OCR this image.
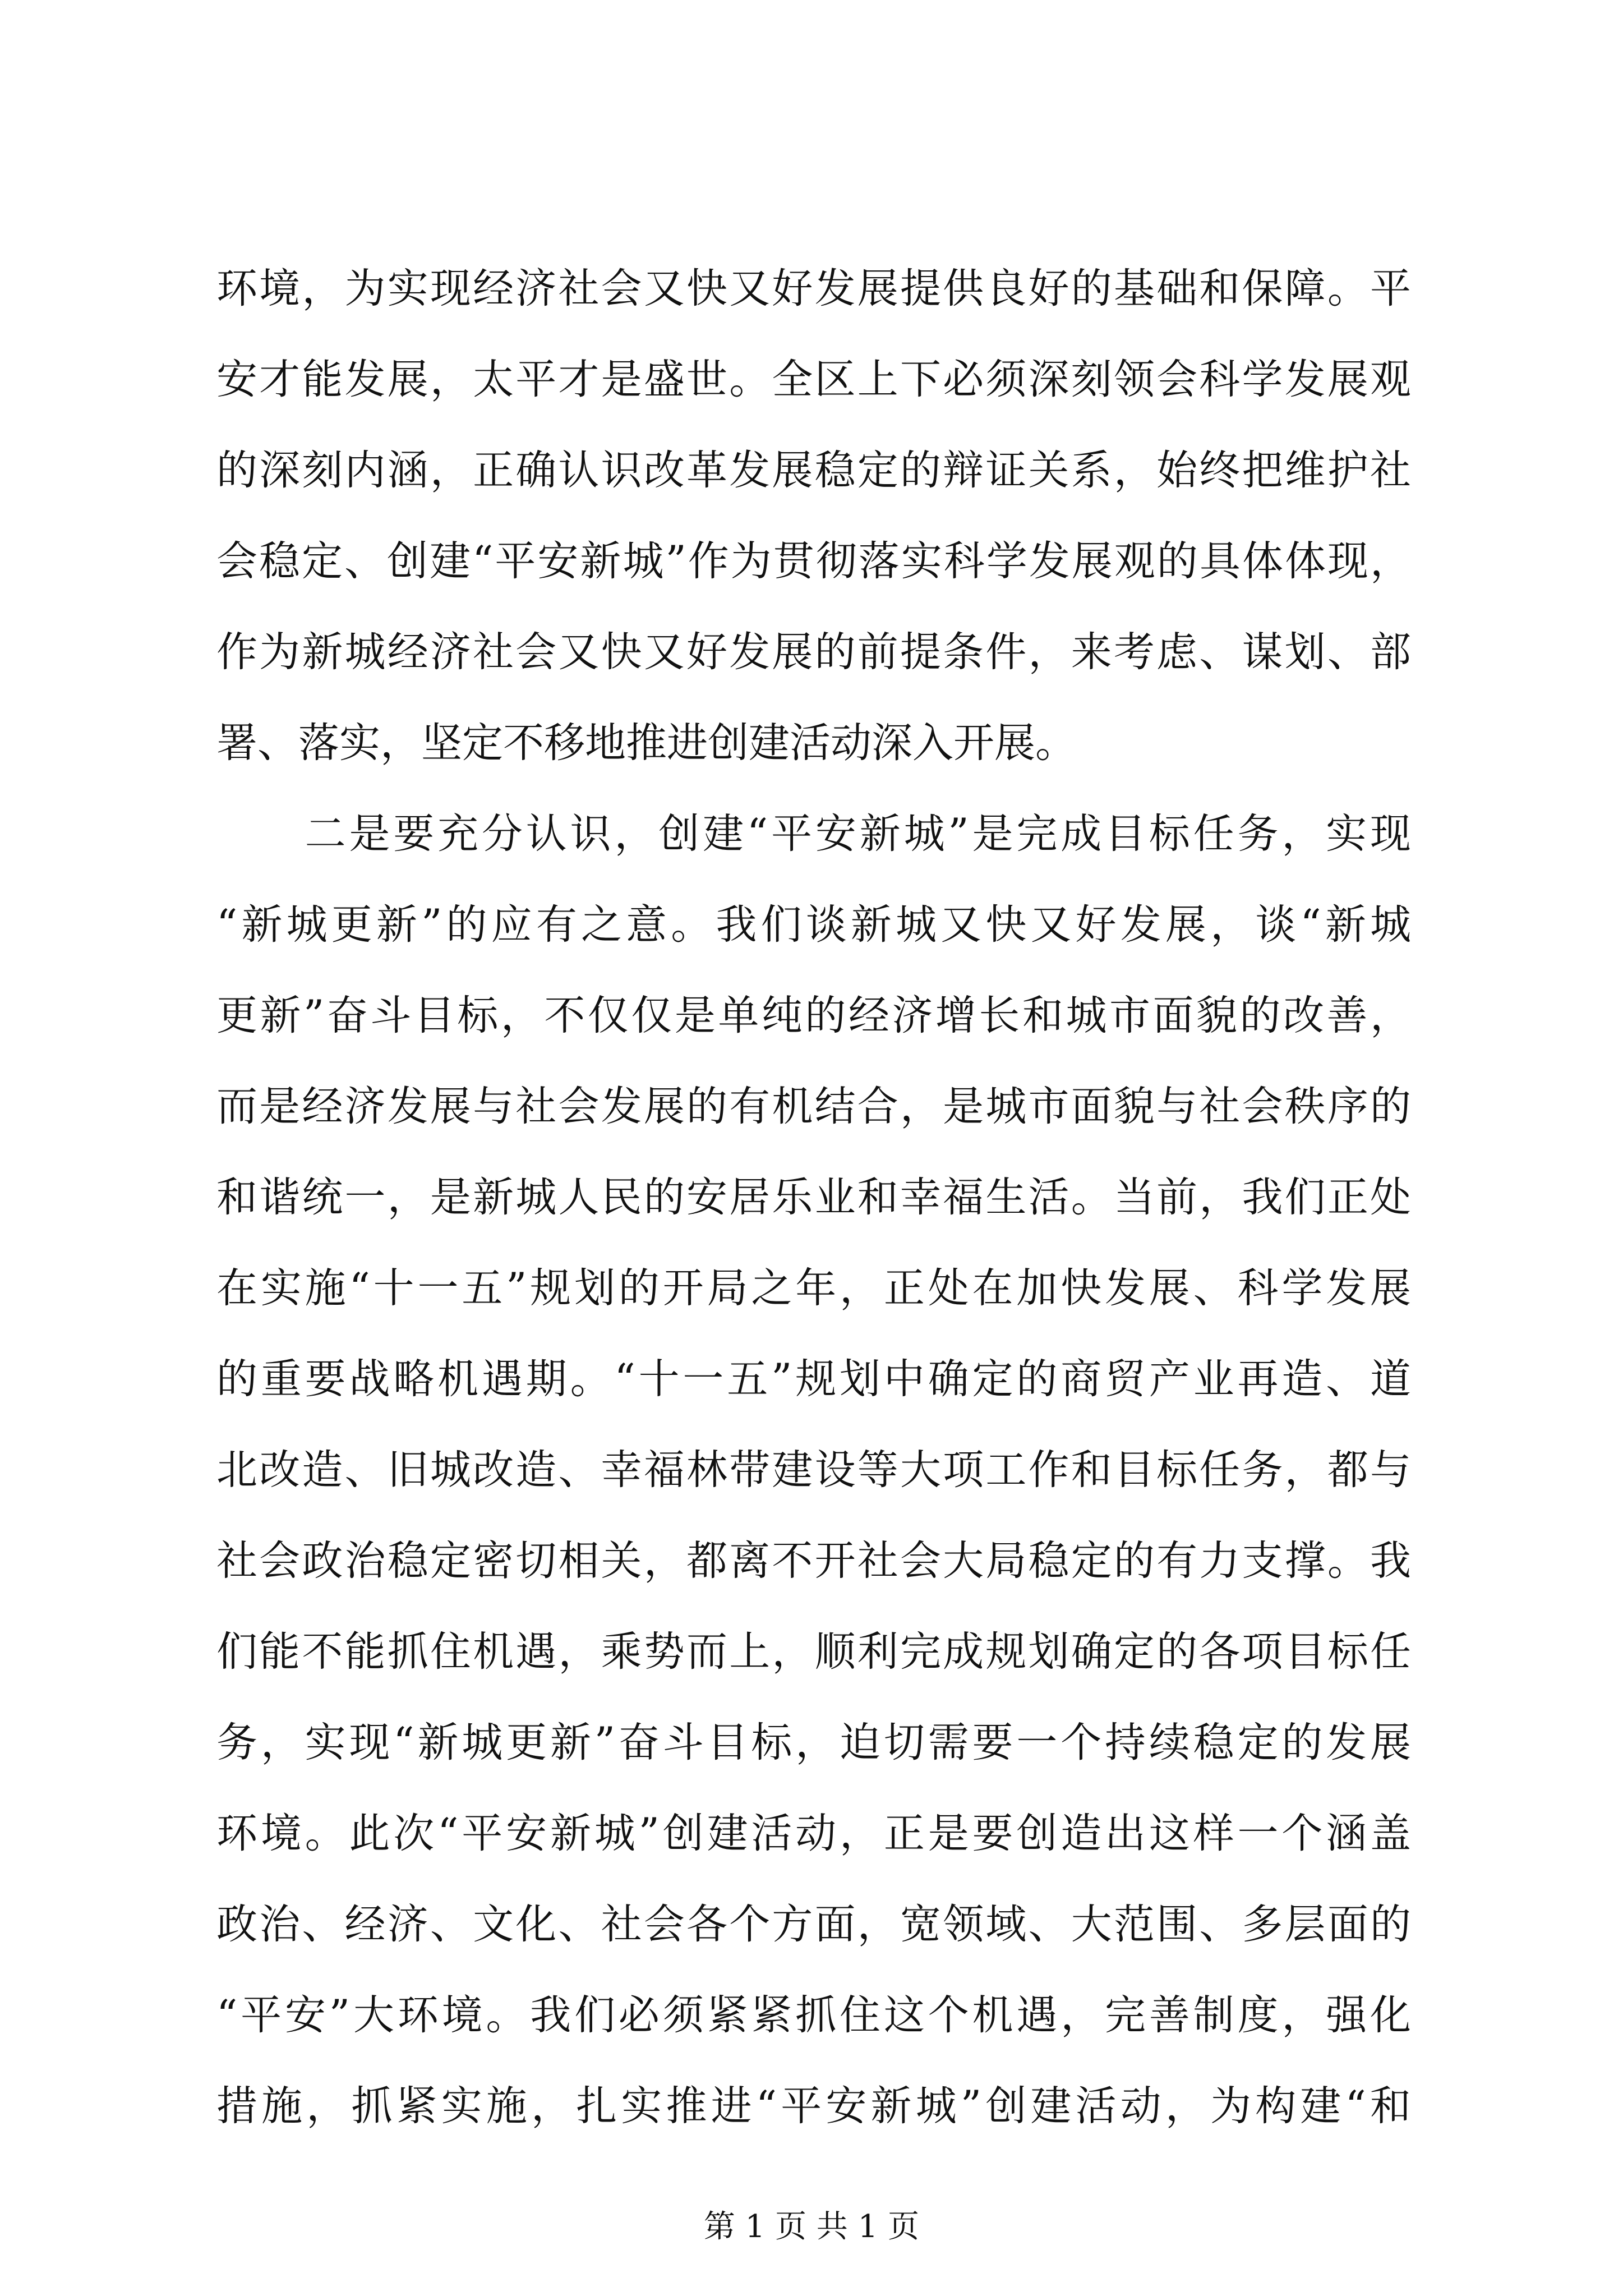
环境，为实现经济社会又快又好发展提供良好的基础和保障。平
安才能发展，太平才是盛世。全区上下必须深刻领会科学发展观
的深刻内涵，正确认识改革发展稳定的辩证关系，始终把维护社
会稳定、创建“平安新城”作为贯彻落实科学发展观的具体体现，
作为新城经济社会又快又好发展的前提条件，来考虑、谋划、部
署、落实，坚定不移地推进创建活动深入开展。
　　二是要充分认识，创建“平安新城”是完成目标任务，实现
“新城更新”的应有之意。我们谈新城又快又好发展，谈“新城
更新”奋斗目标，不仅仅是单纯的经济增长和城市面貌的改善，
而是经济发展与社会发展的有机结合，是城市面貌与社会秩序的
和谐统一，是新城人民的安居乐业和幸福生活。当前，我们正处
在实施“十一五”规划的开局之年，正处在加快发展、科学发展
的重要战略机遇期。“十一五”规划中确定的商贸产业再造、道
北改造、旧城改造、幸福林带建设等大项工作和目标任务，都与
社会政治稳定密切相关，都离不开社会大局稳定的有力支撑。我
们能不能抓住机遇，乘势而上，顺利完成规划确定的各项目标任
务，实现“新城更新”奋斗目标，迫切需要一个持续稳定的发展
环境。此次“平安新城”创建活动，正是要创造出这样一个涵盖
政治、经济、文化、社会各个方面，宽领域、大范围、多层面的
“平安”大环境。我们必须紧紧抓住这个机遇，完善制度，强化
措施，抓紧实施，扎实推进“平安新城”创建活动，为构建“和
第 1 页 共 1 页
